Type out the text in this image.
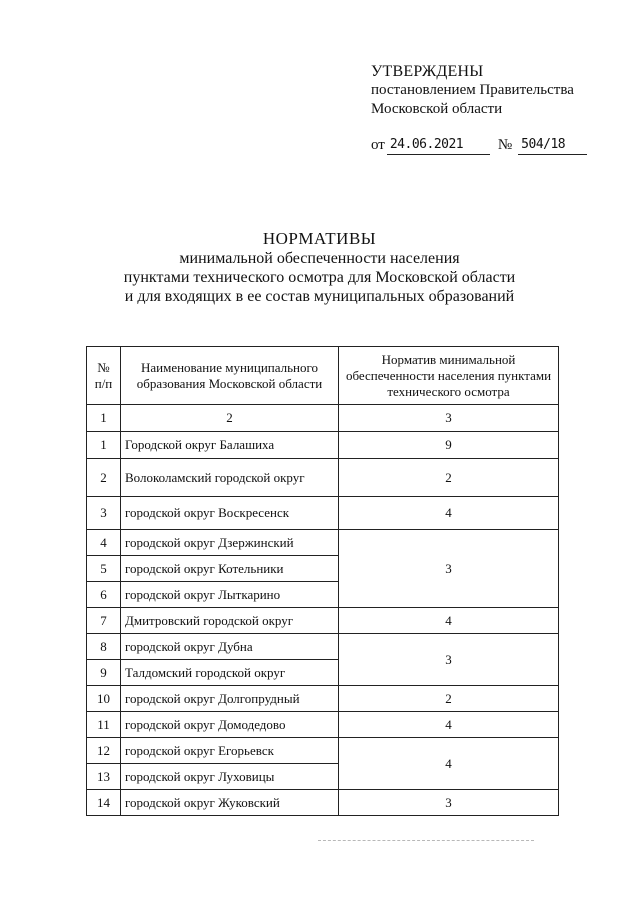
УТВЕРЖДЕНЫ
постановлением Правительства
Московской области
от 24.06.2021	№ 504/18
НОРМАТИВЫ
минимальной обеспеченности населения
пунктами технического осмотра для Московской области
и для входящих в ее состав муниципальных образований
№ п/п	Наименование муниципального образования Московской области	Норматив минимальной обеспеченности населения пунктами технического осмотра
1	2	3
1	Городской округ Балашиха	9
2	Волоколамский городской округ	2
3	городской округ Воскресенск	4
4	городской округ Дзержинский	3
5	городской округ Котельники	
6	городской округ Лыткарино	
7	Дмитровский городской округ	4
8	городской округ Дубна	3
9	Талдомский городской округ	
10	городской округ Долгопрудный	2
11	городской округ Домодедово	4
12	городской округ Егорьевск	4
13	городской округ Луховицы	
14	городской округ Жуковский	3
